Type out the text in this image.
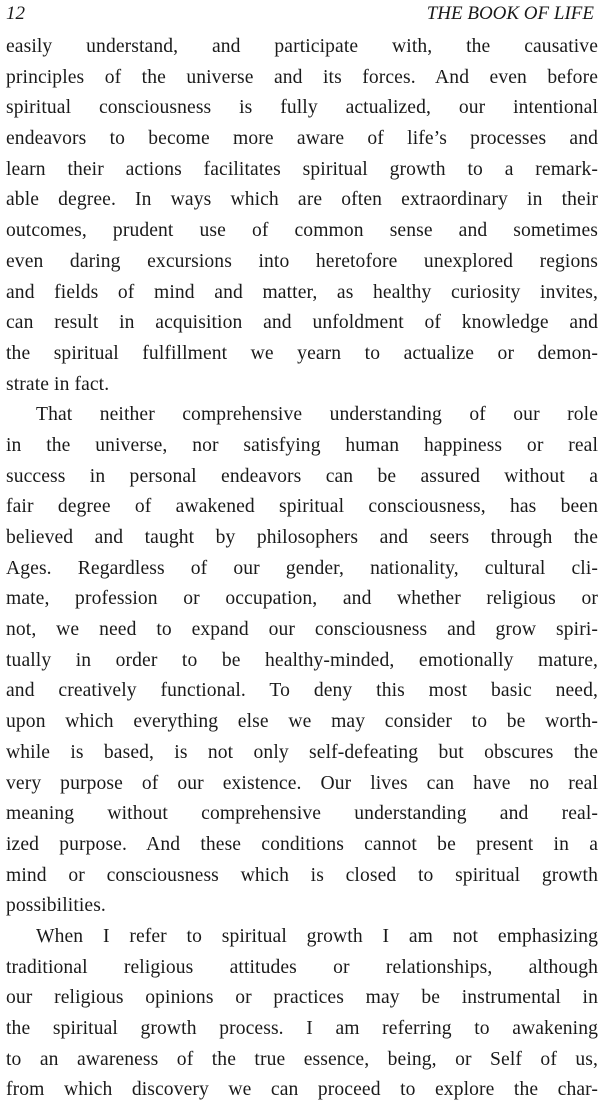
12	THE BOOK OF LIFE
easily understand, and participate with, the causative
principles of the universe and its forces. And even before
spiritual consciousness is fully actualized, our intentional
endeavors to become more aware of life’s processes and
learn their actions facilitates spiritual growth to a remark-
able degree. In ways which are often extraordinary in their
outcomes, prudent use of common sense and sometimes
even daring excursions into heretofore unexplored regions
and fields of mind and matter, as healthy curiosity invites,
can result in acquisition and unfoldment of knowledge and
the spiritual fulfillment we yearn to actualize or demon-
strate in fact.
That neither comprehensive understanding of our role
in the universe, nor satisfying human happiness or real
success in personal endeavors can be assured without a
fair degree of awakened spiritual consciousness, has been
believed and taught by philosophers and seers through the
Ages. Regardless of our gender, nationality, cultural cli-
mate, profession or occupation, and whether religious or
not, we need to expand our consciousness and grow spiri-
tually in order to be healthy-minded, emotionally mature,
and creatively functional. To deny this most basic need,
upon which everything else we may consider to be worth-
while is based, is not only self-defeating but obscures the
very purpose of our existence. Our lives can have no real
meaning without comprehensive understanding and real-
ized purpose. And these conditions cannot be present in a
mind or consciousness which is closed to spiritual growth
possibilities.
When I refer to spiritual growth I am not emphasizing
traditional religious attitudes or relationships, although
our religious opinions or practices may be instrumental in
the spiritual growth process. I am referring to awakening
to an awareness of the true essence, being, or Self of us,
from which discovery we can proceed to explore the char-
